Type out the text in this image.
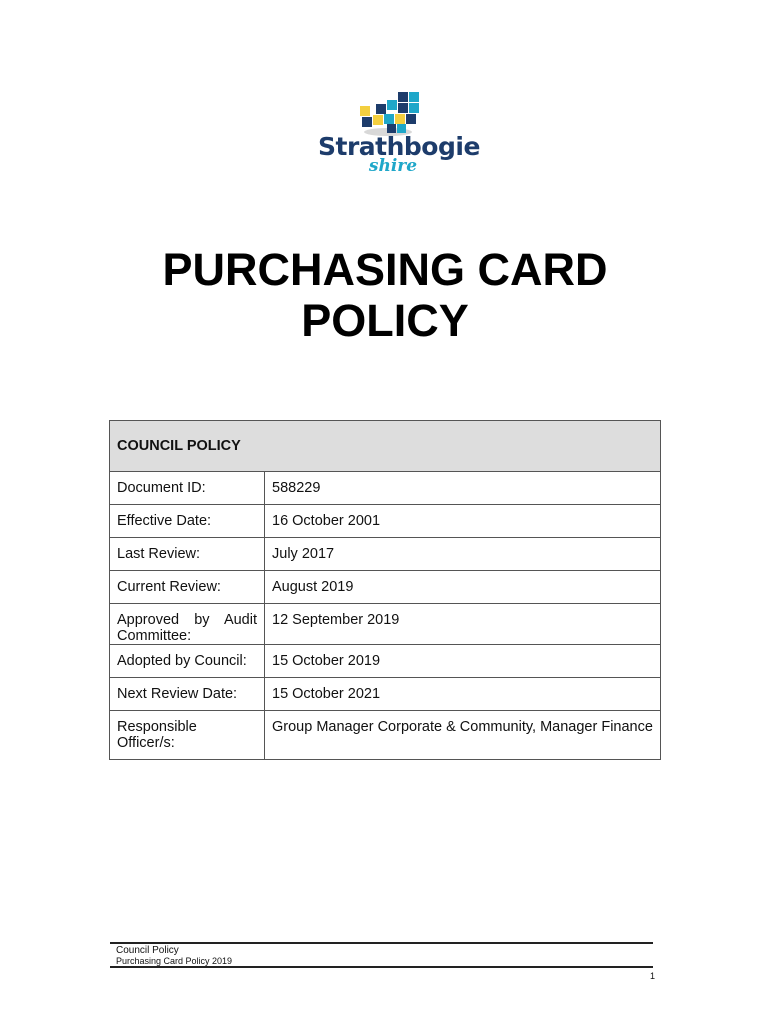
Strathbogie
shire
PURCHASING CARD
POLICY
COUNCIL POLICY	
Document ID:	588229
Effective Date:	16 October 2001
Last Review:	July 2017
Current Review:	August 2019
Approved by Audit Committee:	12 September 2019
Adopted by Council:	15 October 2019
Next Review Date:	15 October 2021
Responsible Officer/s:	Group Manager Corporate & Community, Manager Finance
Council Policy
Purchasing Card Policy 2019
1
